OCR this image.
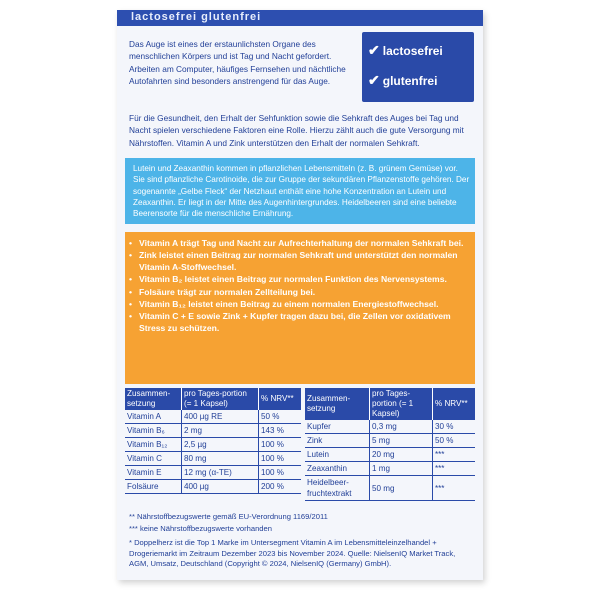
lactosefrei glutenfrei
Das Auge ist eines der erstaunlichsten Organe des menschlichen Körpers und ist Tag und Nacht gefordert. Arbeiten am Computer, häufiges Fernsehen und nächtliche Autofahrten sind besonders anstrengend für das Auge.
Für die Gesundheit, den Erhalt der Sehfunktion sowie die Sehkraft des Auges bei Tag und Nacht spielen verschiedene Faktoren eine Rolle. Hierzu zählt auch die gute Versorgung mit Nährstoffen. Vitamin A und Zink unterstützen den Erhalt der normalen Sehkraft.
✔ lactosefrei
✔ glutenfrei

Lutein und Zeaxanthin kommen in pflanzlichen Lebensmitteln (z. B. grünem Gemüse) vor. Sie sind pflanzliche Carotinoide, die zur Gruppe der sekundären Pflanzenstoffe gehören. Der sogenannte „Gelbe Fleck“ der Netzhaut enthält eine hohe Konzentration an Lutein und Zeaxanthin. Er liegt in der Mitte des Augenhintergrundes. Heidelbeeren sind eine beliebte Beerensorte für die menschliche Ernährung.

• Vitamin A trägt Tag und Nacht zur Aufrechterhaltung der normalen Sehkraft bei.
• Zink leistet einen Beitrag zur normalen Sehkraft und unterstützt den normalen Vitamin A-Stoffwechsel.
• Vitamin B₂ leistet einen Beitrag zur normalen Funktion des Nervensystems.
• Folsäure trägt zur normalen Zellteilung bei.
• Vitamin B₁₂ leistet einen Beitrag zu einem normalen Energiestoffwechsel.
• Vitamin C + E sowie Zink + Kupfer tragen dazu bei, die Zellen vor oxidativem Stress zu schützen.
Zusammen-setzung	pro Tages-portion (= 1 Kapsel)	% NRV**
Vitamin A	400 µg RE	50 %
Vitamin B₆	2 mg	143 %
Vitamin B₁₂	2,5 µg	100 %
Vitamin C	80 mg	100 %
Vitamin E	12 mg (α-TE)	100 %
Folsäure	400 µg	200 %
Zusammen-setzung	pro Tages-portion (= 1 Kapsel)	% NRV**
Kupfer	0,3 mg	30 %
Zink	5 mg	50 %
Lutein	20 mg	***
Zeaxanthin	1 mg	***
Heidelbeer-fruchtextrakt	50 mg	***
** Nährstoffbezugswerte gemäß EU-Verordnung 1169/2011
*** keine Nährstoffbezugswerte vorhanden
* Doppelherz ist die Top 1 Marke im Untersegment Vitamin A im Lebensmitteleinzelhandel + Drogeriemarkt im Zeitraum Dezember 2023 bis November 2024. Quelle: NielsenIQ Market Track, AGM, Umsatz, Deutschland (Copyright © 2024, NielsenIQ (Germany) GmbH).
